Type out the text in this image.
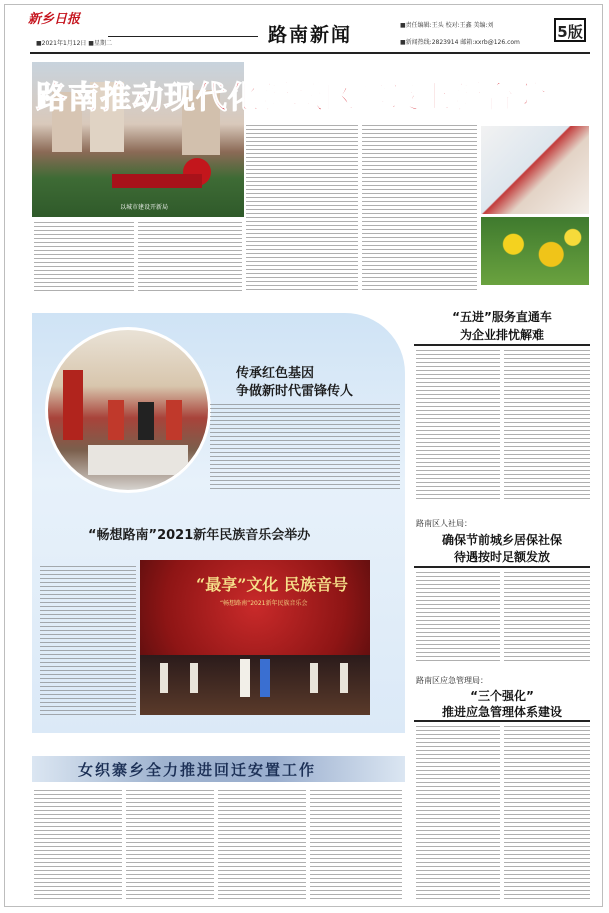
新乡日报
■2021年1月12日 ■星期二	路南新闻	■责任编辑:王头 校对:王鑫 美编:刘
■新闻热线:2823914 邮箱:xxrb@126.com
5版
以城市建设开新局
路南推动现代化新城区建设上新台阶
传承红色基因
争做新时代雷锋传人
“畅想路南”2021新年民族音乐会举办
“最享”文化 民族音号
“畅想路南”2021新年民族音乐会
女织寨乡全力推进回迁安置工作
“五进”服务直通车
为企业排忧解难
路南区人社局：
确保节前城乡居保社保
待遇按时足额发放
路南区应急管理局：
“三个强化”
推进应急管理体系建设
